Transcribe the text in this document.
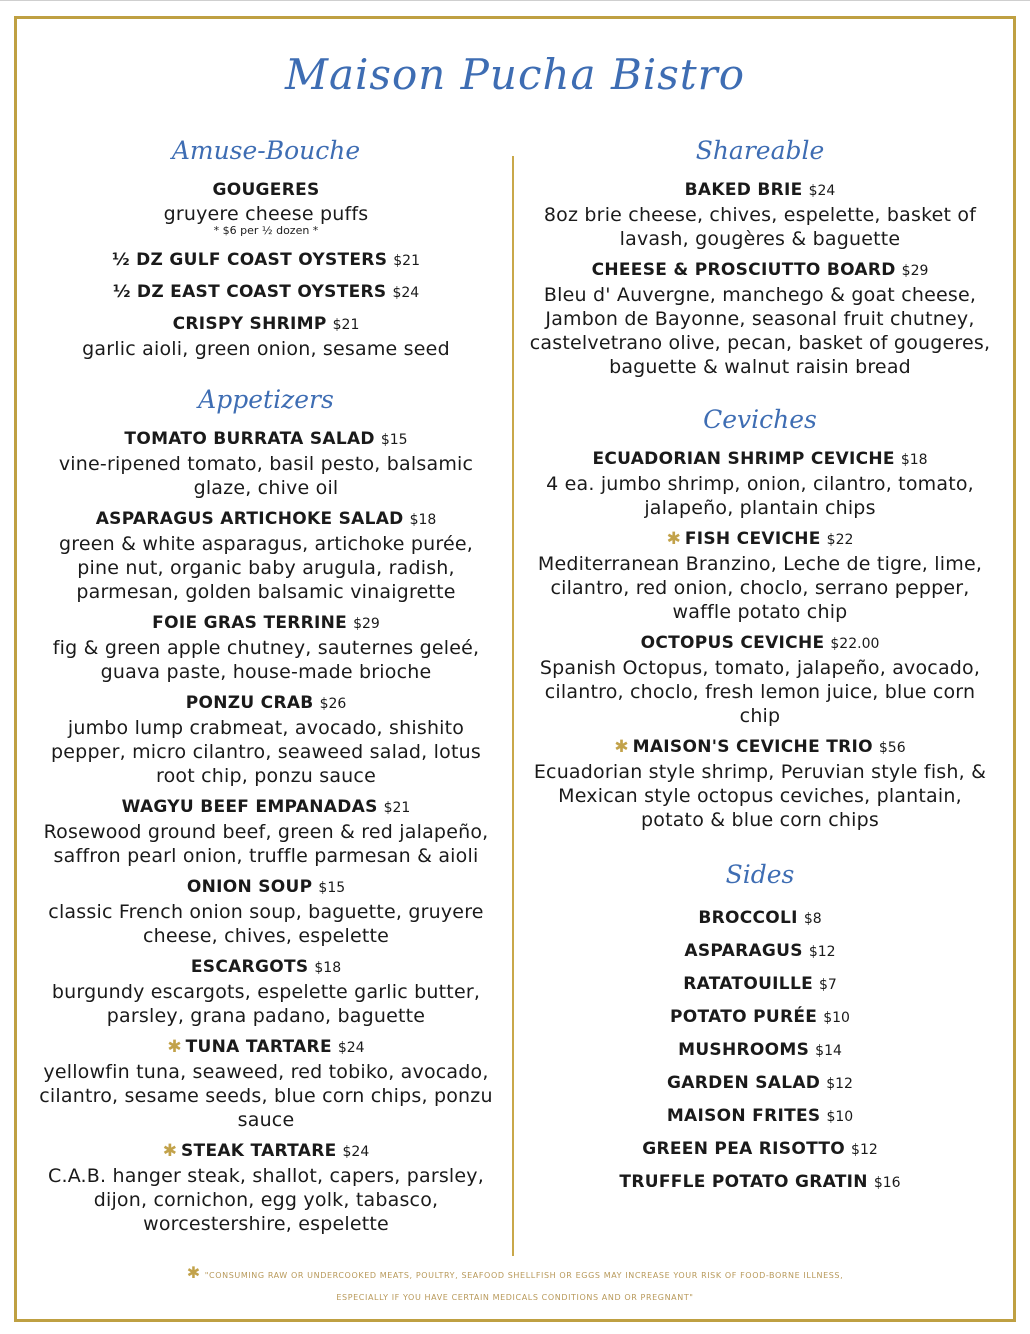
Maison Pucha Bistro
Amuse-Bouche
GOUGERES
gruyere cheese puffs
* $6 per ½ dozen *
½ DZ GULF COAST OYSTERS $21
½ DZ EAST COAST OYSTERS $24
CRISPY SHRIMP $21
garlic aioli, green onion, sesame seed
Appetizers
TOMATO BURRATA SALAD $15
vine-ripened tomato, basil pesto, balsamic glaze, chive oil
ASPARAGUS ARTICHOKE SALAD $18
green & white asparagus, artichoke purée, pine nut, organic baby arugula, radish, parmesan, golden balsamic vinaigrette
FOIE GRAS TERRINE $29
fig & green apple chutney, sauternes geleé, guava paste, house-made brioche
PONZU CRAB $26
jumbo lump crabmeat, avocado, shishito pepper, micro cilantro, seaweed salad, lotus root chip, ponzu sauce
WAGYU BEEF EMPANADAS $21
Rosewood ground beef, green & red jalapeño, saffron pearl onion, truffle parmesan & aioli
ONION SOUP $15
classic French onion soup, baguette, gruyere cheese, chives, espelette
ESCARGOTS $18
burgundy escargots, espelette garlic butter, parsley, grana padano, baguette
✱ TUNA TARTARE $24
yellowfin tuna, seaweed, red tobiko, avocado, cilantro, sesame seeds, blue corn chips, ponzu sauce
✱ STEAK TARTARE $24
C.A.B. hanger steak, shallot, capers, parsley, dijon, cornichon, egg yolk, tabasco, worcestershire, espelette
Shareable
BAKED BRIE $24
8oz brie cheese, chives, espelette, basket of lavash, gougères & baguette
CHEESE & PROSCIUTTO BOARD $29
Bleu d' Auvergne, manchego & goat cheese, Jambon de Bayonne, seasonal fruit chutney, castelvetrano olive, pecan, basket of gougeres, baguette & walnut raisin bread
Ceviches
ECUADORIAN SHRIMP CEVICHE $18
4 ea. jumbo shrimp, onion, cilantro, tomato, jalapeño, plantain chips
✱ FISH CEVICHE $22
Mediterranean Branzino, Leche de tigre, lime, cilantro, red onion, choclo, serrano pepper, waffle potato chip
OCTOPUS CEVICHE $22.00
Spanish Octopus, tomato, jalapeño, avocado, cilantro, choclo, fresh lemon juice, blue corn chip
✱ MAISON'S CEVICHE TRIO $56
Ecuadorian style shrimp, Peruvian style fish, & Mexican style octopus ceviches, plantain, potato & blue corn chips
Sides
BROCCOLI $8
ASPARAGUS $12
RATATOUILLE $7
POTATO PURÉE $10
MUSHROOMS $14
GARDEN SALAD $12
MAISON FRITES $10
GREEN PEA RISOTTO $12
TRUFFLE POTATO GRATIN $16
✱ "CONSUMING RAW OR UNDERCOOKED MEATS, POULTRY, SEAFOOD SHELLFISH OR EGGS MAY INCREASE YOUR RISK OF FOOD-BORNE ILLNESS,
ESPECIALLY IF YOU HAVE CERTAIN MEDICALS CONDITIONS AND OR PREGNANT"
